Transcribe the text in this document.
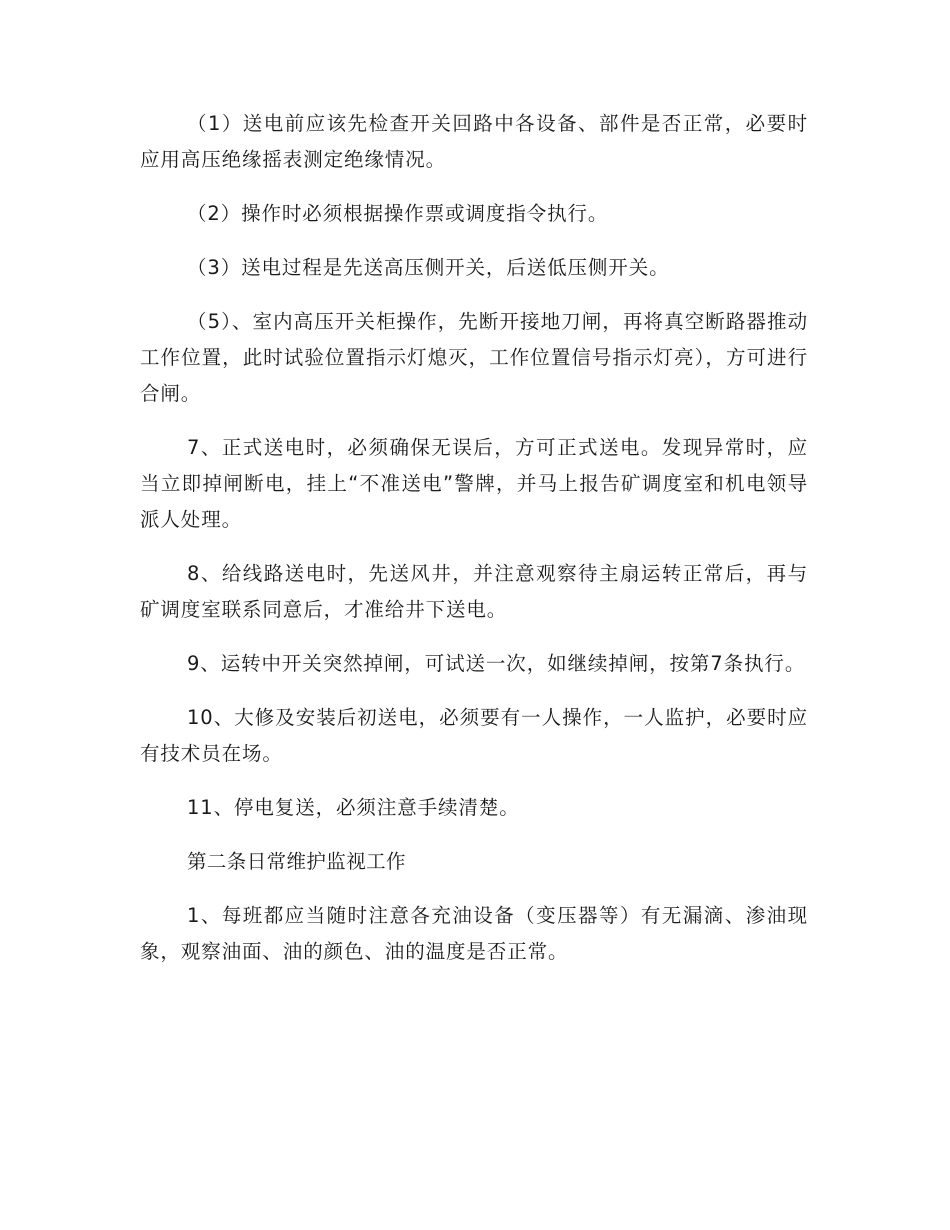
（1）送电前应该先检查开关回路中各设备、部件是否正常，必要时应用高压绝缘摇表测定绝缘情况。

（2）操作时必须根据操作票或调度指令执行。

（3）送电过程是先送高压侧开关，后送低压侧开关。

（5）、室内高压开关柜操作，先断开接地刀闸，再将真空断路器推动工作位置，此时试验位置指示灯熄灭，工作位置信号指示灯亮），方可进行合闸。

7、正式送电时，必须确保无误后，方可正式送电。发现异常时，应当立即掉闸断电，挂上“不准送电”警牌，并马上报告矿调度室和机电领导派人处理。

8、给线路送电时，先送风井，并注意观察待主扇运转正常后，再与矿调度室联系同意后，才准给井下送电。

9、运转中开关突然掉闸，可试送一次，如继续掉闸，按第7条执行。

10、大修及安装后初送电，必须要有一人操作，一人监护，必要时应有技术员在场。

11、停电复送，必须注意手续清楚。

第二条日常维护监视工作

1、每班都应当随时注意各充油设备（变压器等）有无漏滴、渗油现象，观察油面、油的颜色、油的温度是否正常。
